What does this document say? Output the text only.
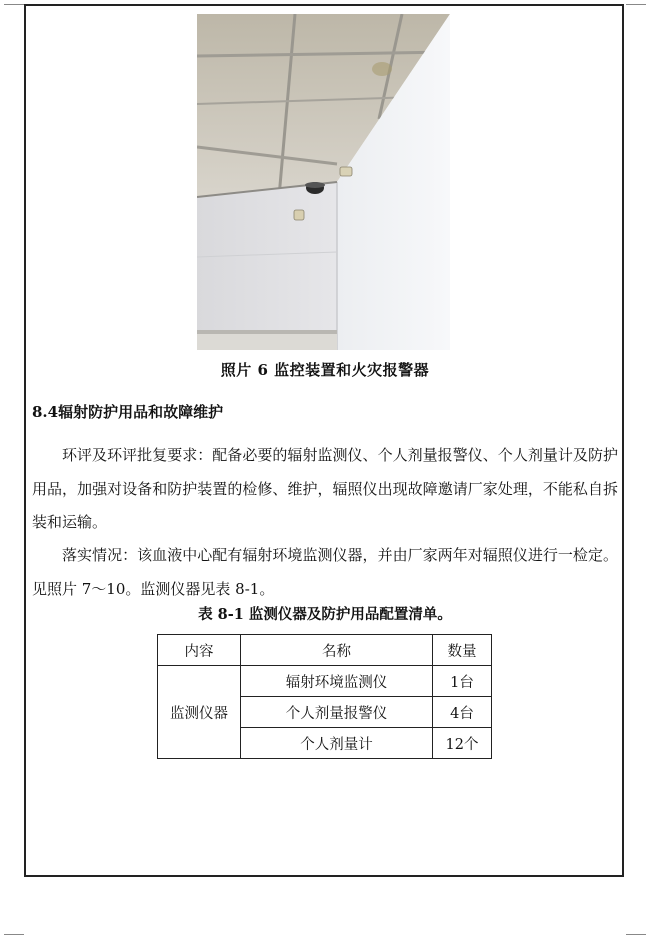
照片 6 监控装置和火灾报警器
8.4辐射防护用品和故障维护

环评及环评批复要求：配备必要的辐射监测仪、个人剂量报警仪、个人剂量计及防护用品，加强对设备和防护装置的检修、维护，辐照仪出现故障邀请厂家处理，不能私自拆装和运输。

落实情况：该血液中心配有辐射环境监测仪器，并由厂家两年对辐照仪进行一检定。见照片 7～10。监测仪器见表 8-1。

表 8-1 监测仪器及防护用品配置清单。
内容	名称	数量
监测仪器	辐射环境监测仪	1台
	个人剂量报警仪	4台
	个人剂量计	12个
